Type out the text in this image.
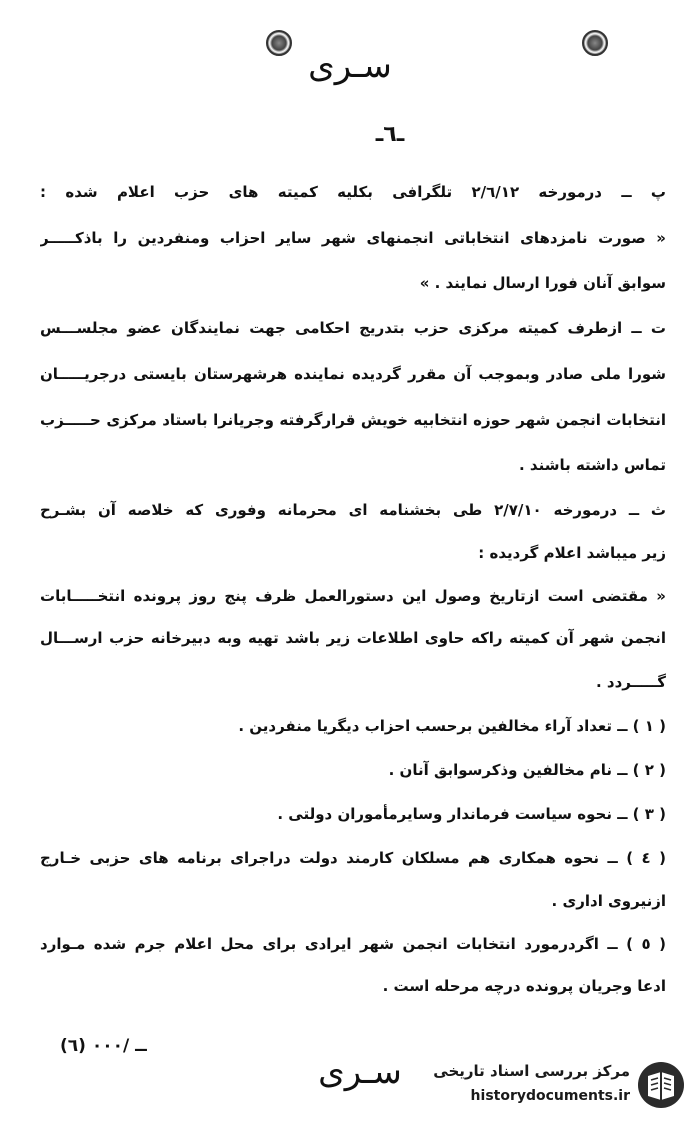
سـری
ـ٦ـ
پ ــ درمورخه ۲/٦/۱۲ تلگرافی بکلیه کمیته های حزب اعلام شده :
« صورت نامزدهای انتخاباتی انجمنهای شهر سایر احزاب ومنفردین را باذکـــــر
سوابق آنان فورا ارسال نمایند . »
ت ــ ازطرف کمیته مرکزی حزب بتدریج احکامی جهت نمایندگان عضو مجلســـس
شورا ملی صادر وبموجب آن مقرر گردیده نماینده هرشهرستان بایستی درجریـــــان
انتخابات انجمن شهر حوزه انتخابیه خویش قرارگرفته وجریانرا باستاد مرکزی حـــــزب
تماس داشته باشند .
ث ــ درمورخه ۲/۷/۱۰ طی بخشنامه ای محرمانه وفوری که خلاصه آن بشـرح
زیر میباشد اعلام گردیده :
« مقتضی است ازتاریخ وصول این دستورالعمل ظرف پنج روز پرونده انتخـــــابات
انجمن شهر آن کمیته راکه حاوی اطلاعات زیر باشد تهیه وبه دبیرخانه حزب ارســـال
گـــــردد .
( ۱ ) ــ تعداد آراء مخالفین برحسب احزاب دیگریا منفردین .
( ۲ ) ــ نام مخالفین وذکرسوابق آنان .
( ۳ ) ــ نحوه سیاست فرماندار وسایرمأموران دولتی .
( ٤ ) ــ نحوه همکاری هم مسلکان کارمند دولت دراجرای برنامه های حزبی خـارج
ازنیروی اداری .
( ٥ ) ــ اگردرمورد انتخابات انجمن شهر ایرادی برای محل اعلام جرم شده مـوارد
ادعا وجریان پرونده درچه مرحله است .
(٦) ــ /۰۰۰
سـری	مرکز بررسی اسناد تاریخی
historydocuments.ir
